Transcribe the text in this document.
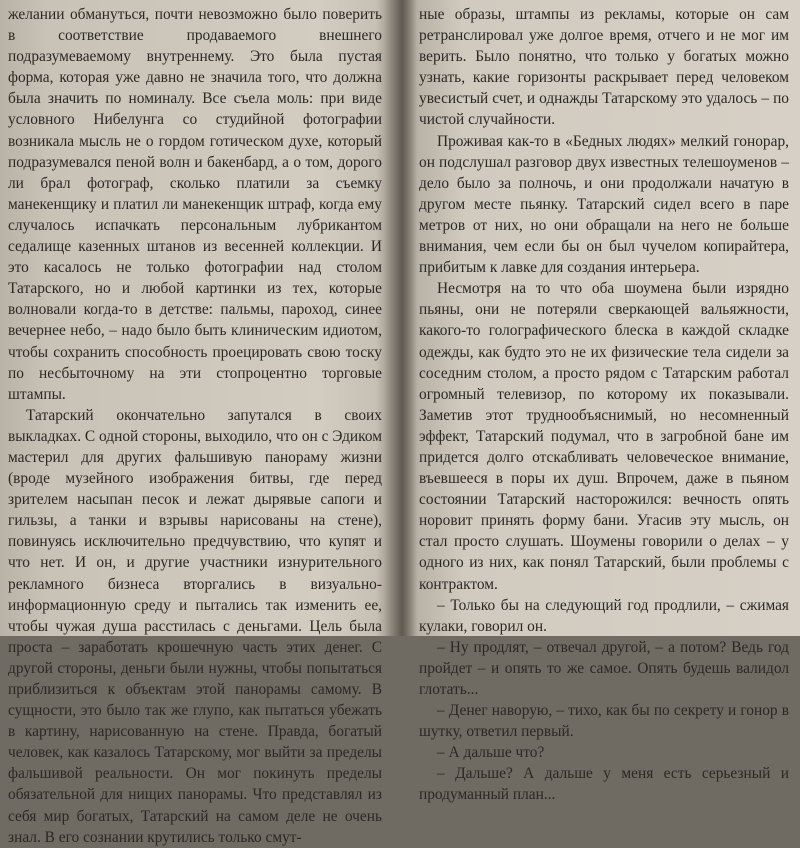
желании обмануться, почти невозможно было поверить в соответствие продаваемого внешнего подразумеваемому внутреннему. Это была пустая форма, которая уже давно не значила того, что должна была значить по номиналу. Все съела моль: при виде условного Нибелунга со студийной фотографии возникала мысль не о гордом готическом духе, который подразумевался пеной волн и бакенбард, а о том, дорого ли брал фотограф, сколько платили за съемку манекенщику и платил ли манекенщик штраф, когда ему случалось испачкать персональным лубрикантом седалище казенных штанов из весенней коллекции. И это касалось не только фотографии над столом Татарского, но и любой картинки из тех, которые волновали когда-то в детстве: пальмы, пароход, синее вечернее небо, – надо было быть клиническим идиотом, чтобы сохранить способность проецировать свою тоску по несбыточному на эти стопроцентно торговые штампы.

Татарский окончательно запутался в своих выкладках. С одной стороны, выходило, что он с Эдиком мастерил для других фальшивую панораму жизни (вроде музейного изображения битвы, где перед зрителем насыпан песок и лежат дырявые сапоги и гильзы, а танки и взрывы нарисованы на стене), повинуясь исключительно предчувствию, что купят и что нет. И он, и другие участники изнурительного рекламного бизнеса вторгались в визуально-информационную среду и пытались так изменить ее, чтобы чужая душа расстилась с деньгами. Цель была проста – заработать крошечную часть этих денег. С другой стороны, деньги были нужны, чтобы попытаться приблизиться к объектам этой панорамы самому. В сущности, это было так же глупо, как пытаться убежать в картину, нарисованную на стене. Правда, богатый человек, как казалось Татарскому, мог выйти за пределы фальшивой реальности. Он мог покинуть пределы обязательной для нищих панорамы. Что представлял из себя мир богатых, Татарский на самом деле не очень знал. В его сознании крутились только смут-

ные образы, штампы из рекламы, которые он сам ретранслировал уже долгое время, отчего и не мог им верить. Было понятно, что только у богатых можно узнать, какие горизонты раскрывает перед человеком увесистый счет, и однажды Татарскому это удалось – по чистой случайности.

Проживая как-то в «Бедных людях» мелкий гонорар, он подслушал разговор двух известных телешоуменов – дело было за полночь, и они продолжали начатую в другом месте пьянку. Татарский сидел всего в паре метров от них, но они обращали на него не больше внимания, чем если бы он был чучелом копирайтера, прибитым к лавке для создания интерьера.

Несмотря на то что оба шоумена были изрядно пьяны, они не потеряли сверкающей вальяжности, какого-то голографического блеска в каждой складке одежды, как будто это не их физические тела сидели за соседним столом, а просто рядом с Татарским работал огромный телевизор, по которому их показывали. Заметив этот труднообъяснимый, но несомненный эффект, Татарский подумал, что в загробной бане им придется долго отскабливать человеческое внимание, въевшееся в поры их душ. Впрочем, даже в пьяном состоянии Татарский насторожился: вечность опять норовит принять форму бани. Угасив эту мысль, он стал просто слушать. Шоумены говорили о делах – у одного из них, как понял Татарский, были проблемы с контрактом.

– Только бы на следующий год продлили, – сжимая кулаки, говорил он.

– Ну продлят, – отвечал другой, – а потом? Ведь год пройдет – и опять то же самое. Опять будешь валидол глотать...

– Денег наворую, – тихо, как бы по секрету и гонор в шутку, ответил первый.

– А дальше что?

– Дальше? А дальше у меня есть серьезный и продуманный план...
